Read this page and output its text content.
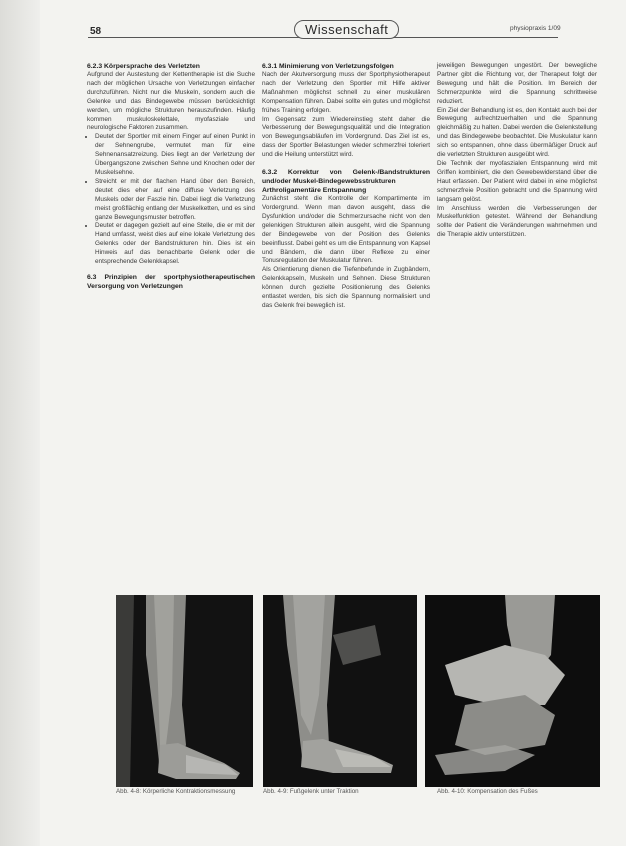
58	Wissenschaft	physiopraxis 1/09
6.2.3 Körpersprache des Verletzten

Aufgrund der Austestung der Kettentherapie ist die Suche nach der möglichen Ursache von Verletzungen einfacher durchzuführen. Nicht nur die Muskeln, sondern auch die Gelenke und das Bindegewebe müssen berücksichtigt werden, um mögliche Strukturen herauszufinden. Häufig kommen muskuloskelettale, myofasziale und neurologische Faktoren zusammen.

• Deutet der Sportler mit einem Finger auf einen Punkt in der Sehnengrube, vermutet man für eine Sehnenansatzreizung. Dies liegt an der Verletzung der Übergangszone zwischen Sehne und Knochen oder der Muskelsehne.
• Streicht er mit der flachen Hand über den Bereich, deutet dies eher auf eine diffuse Verletzung des Muskels oder der Faszie hin. Dabei liegt die Verletzung meist großflächig entlang der Muskelketten, und es sind ganze Bewegungsmuster betroffen.
• Deutet er dagegen gezielt auf eine Stelle, die er mit der Hand umfasst, weist dies auf eine lokale Verletzung des Gelenks oder der Bandstrukturen hin. Dies ist ein Hinweis auf das benachbarte Gelenk oder die entsprechende Gelenkkapsel.
6.3 Prinzipien der sportphysiotherapeutischen Versorgung von Verletzungen
6.3.1 Minimierung von Verletzungsfolgen

Nach der Akutversorgung muss der Sportphysiotherapeut nach der Verletzung den Sportler mit Hilfe aktiver Maßnahmen möglichst schnell zu einer muskulären Kompensation führen. Dabei sollte ein gutes und möglichst frühes Training erfolgen.

Im Gegensatz zum Wiedereinstieg steht daher die Verbesserung der Bewegungsqualität und die Integration von Bewegungsabläufen im Vordergrund. Das Ziel ist es, dass der Sportler Belastungen wieder schmerzfrei toleriert und die Heilung unterstützt wird.

6.3.2 Korrektur von Gelenk-/Bandstrukturen und/oder Muskel-Bindegewebsstrukturen
Arthroligamentäre Entspannung

Zunächst steht die Kontrolle der Kompartimente im Vordergrund. Wenn man davon ausgeht, dass die Dysfunktion und/oder die Schmerzursache nicht von den gelenkigen Strukturen allein ausgeht, wird die Spannung der Bindegewebe von der Position des Gelenks beeinflusst. Dabei geht es um die Entspannung von Kapsel und Bändern, die dann über Reflexe zu einer Tonusregulation der Muskulatur führen.

Als Orientierung dienen die Tiefenbefunde in Zugbändern, Gelenkkapseln, Muskeln und Sehnen. Diese Strukturen können durch gezielte Positionierung des Gelenks entlastet werden, bis sich die Spannung normalisiert und das Gelenk frei beweglich ist.

jeweiligen Bewegungen ungestört. Der bewegliche Partner gibt die Richtung vor, der Therapeut folgt der Bewegung und hält die Position. Im Bereich der Schmerzpunkte wird die Spannung schrittweise reduziert.

Ein Ziel der Behandlung ist es, den Kontakt auch bei der Bewegung aufrechtzuerhalten und die Spannung gleichmäßig zu halten. Dabei werden die Gelenkstellung und das Bindegewebe beobachtet. Die Muskulatur kann sich so entspannen, ohne dass übermäßiger Druck auf die verletzten Strukturen ausgeübt wird.

Die Technik der myofaszialen Entspannung wird mit Griffen kombiniert, die den Gewebewiderstand über die Haut erfassen. Der Patient wird dabei in eine möglichst schmerzfreie Position gebracht und die Spannung wird langsam gelöst.

Im Anschluss werden die Verbesserungen der Muskelfunktion getestet. Während der Behandlung sollte der Patient die Veränderungen wahrnehmen und die Therapie aktiv unterstützen.

Abb. 4-8: Körperliche Kontraktionsmessung	Abb. 4-9: Fußgelenk unter Traktion	Abb. 4-10: Kompensation des Fußes
